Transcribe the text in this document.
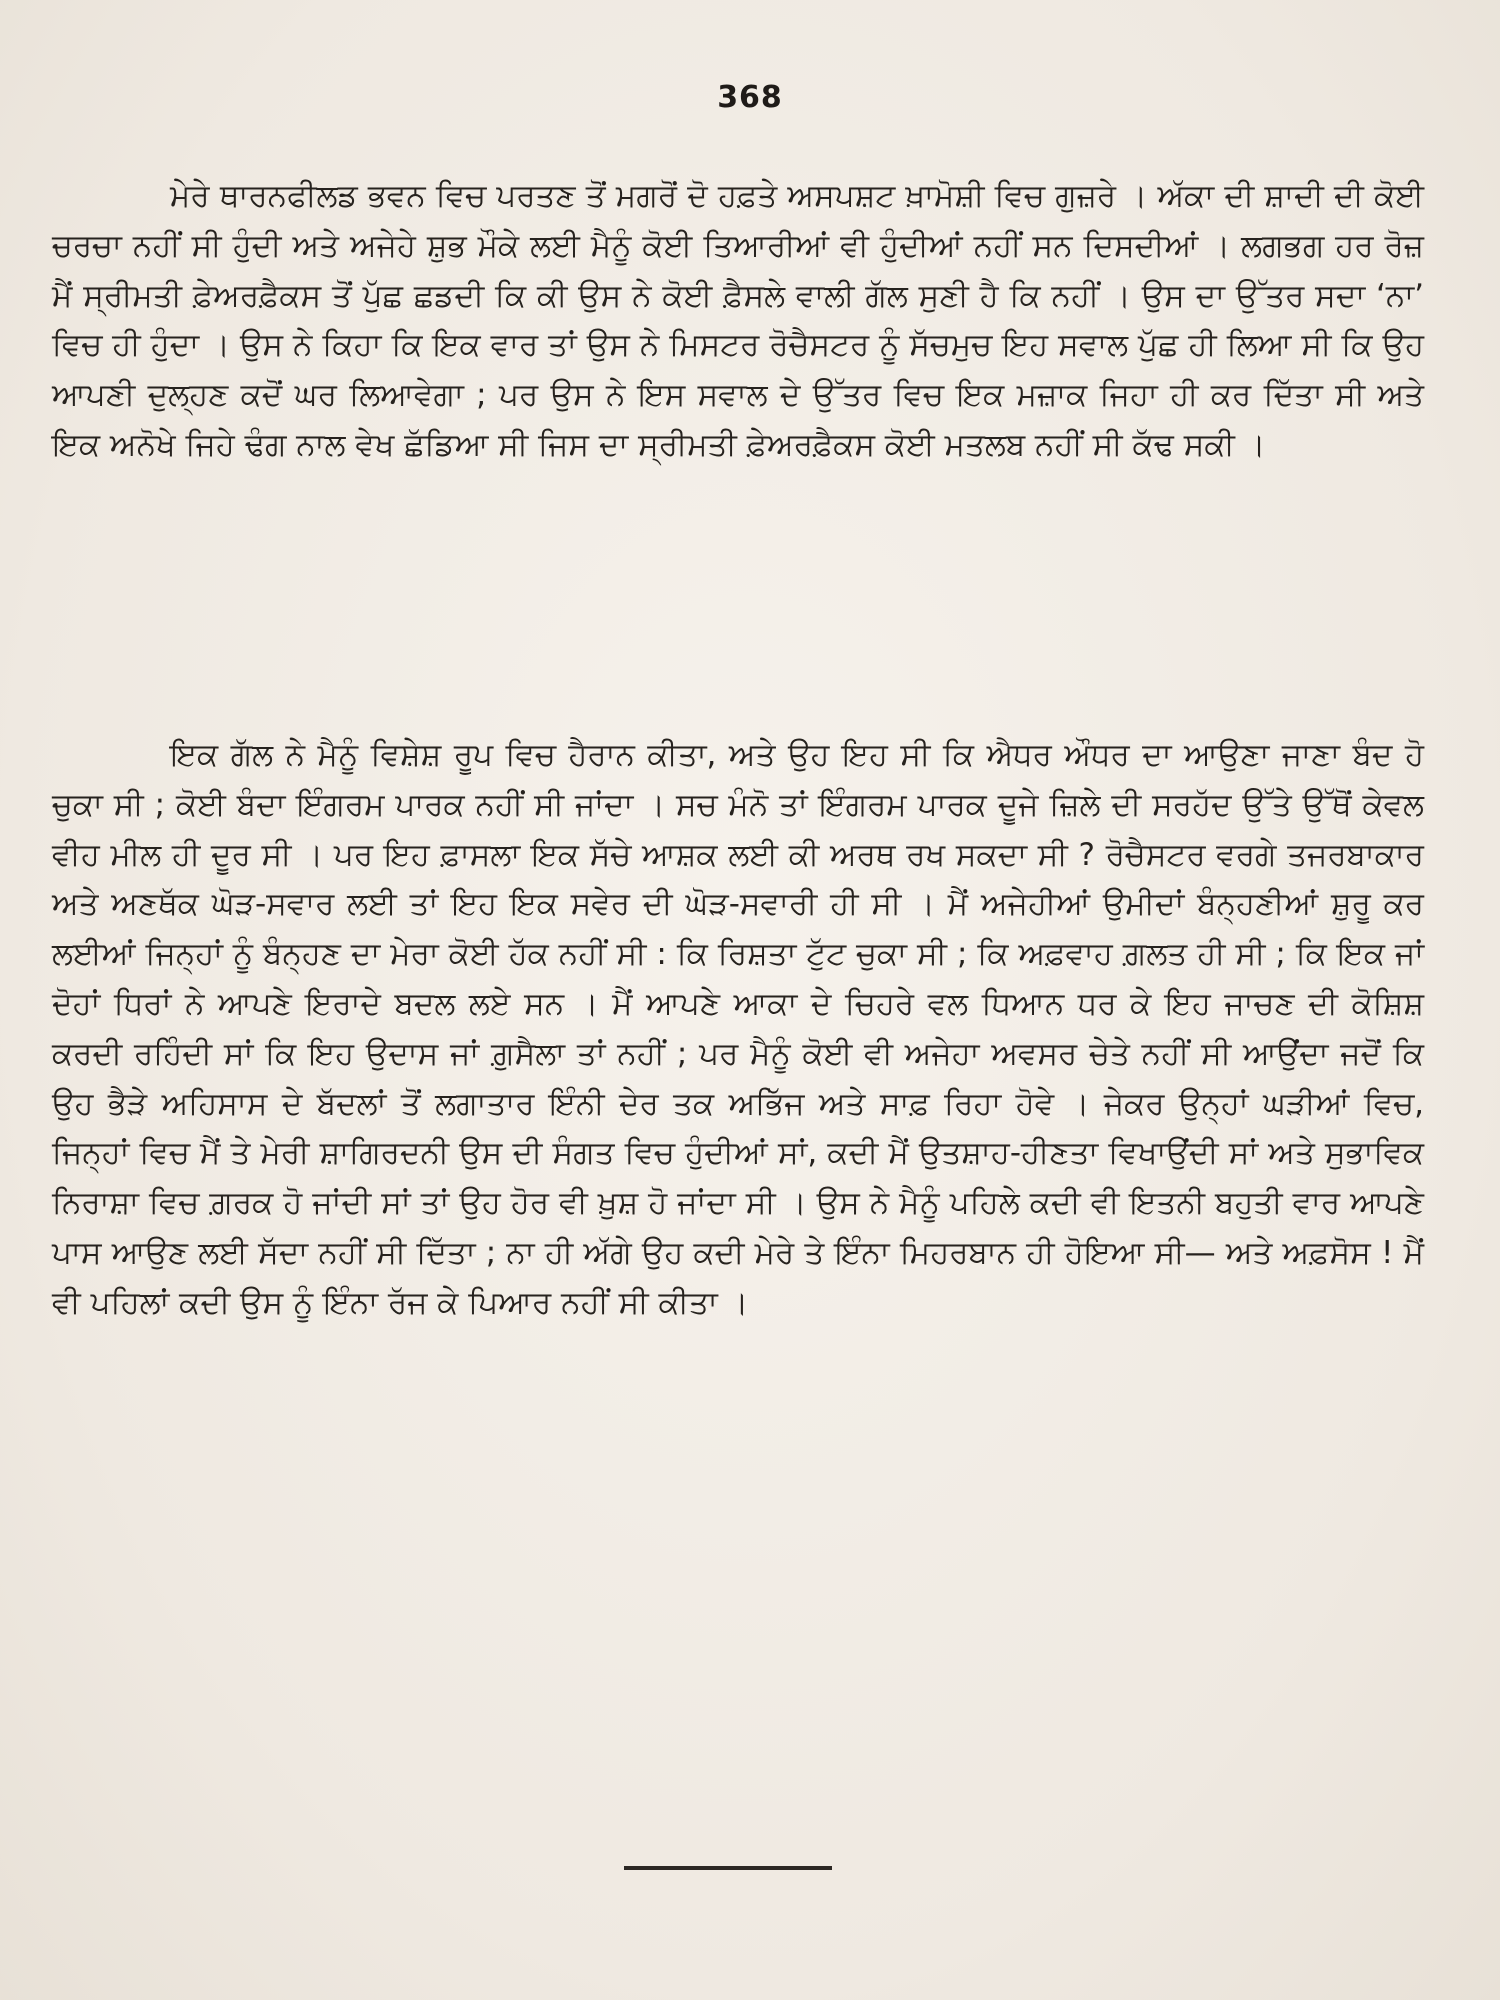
368

ਮੇਰੇ ਥਾਰਨਫੀਲਡ ਭਵਨ ਵਿਚ ਪਰਤਣ ਤੋਂ ਮਗਰੋਂ ਦੋ ਹਫ਼ਤੇ ਅਸਪਸ਼ਟ ਖ਼ਾਮੋਸ਼ੀ ਵਿਚ ਗੁਜ਼ਰੇ । ਅੱਕਾ ਦੀ ਸ਼ਾਦੀ ਦੀ ਕੋਈ ਚਰਚਾ ਨਹੀਂ ਸੀ ਹੁੰਦੀ ਅਤੇ ਅਜੇਹੇ ਸ਼ੁਭ ਮੌਕੇ ਲਈ ਮੈਨੂੰ ਕੋਈ ਤਿਆਰੀਆਂ ਵੀ ਹੁੰਦੀਆਂ ਨਹੀਂ ਸਨ ਦਿਸਦੀਆਂ । ਲਗਭਗ ਹਰ ਰੋਜ਼ ਮੈਂ ਸ੍ਰੀਮਤੀ ਫ਼ੇਅਰਫ਼ੈਕਸ ਤੋਂ ਪੁੱਛ ਛਡਦੀ ਕਿ ਕੀ ਉਸ ਨੇ ਕੋਈ ਫ਼ੈਸਲੇ ਵਾਲੀ ਗੱਲ ਸੁਣੀ ਹੈ ਕਿ ਨਹੀਂ । ਉਸ ਦਾ ਉੱਤਰ ਸਦਾ ‘ਨਾ’ ਵਿਚ ਹੀ ਹੁੰਦਾ । ਉਸ ਨੇ ਕਿਹਾ ਕਿ ਇਕ ਵਾਰ ਤਾਂ ਉਸ ਨੇ ਮਿਸਟਰ ਰੋਚੈਸਟਰ ਨੂੰ ਸੱਚਮੁਚ ਇਹ ਸਵਾਲ ਪੁੱਛ ਹੀ ਲਿਆ ਸੀ ਕਿ ਉਹ ਆਪਣੀ ਦੁਲ੍ਹਣ ਕਦੋਂ ਘਰ ਲਿਆਵੇਗਾ ; ਪਰ ਉਸ ਨੇ ਇਸ ਸਵਾਲ ਦੇ ਉੱਤਰ ਵਿਚ ਇਕ ਮਜ਼ਾਕ ਜਿਹਾ ਹੀ ਕਰ ਦਿੱਤਾ ਸੀ ਅਤੇ ਇਕ ਅਨੋਖੇ ਜਿਹੇ ਢੰਗ ਨਾਲ ਵੇਖ ਛੱਡਿਆ ਸੀ ਜਿਸ ਦਾ ਸ੍ਰੀਮਤੀ ਫ਼ੇਅਰਫ਼ੈਕਸ ਕੋਈ ਮਤਲਬ ਨਹੀਂ ਸੀ ਕੱਢ ਸਕੀ ।

ਇਕ ਗੱਲ ਨੇ ਮੈਨੂੰ ਵਿਸ਼ੇਸ਼ ਰੂਪ ਵਿਚ ਹੈਰਾਨ ਕੀਤਾ, ਅਤੇ ਉਹ ਇਹ ਸੀ ਕਿ ਐਧਰ ਔਧਰ ਦਾ ਆਉਣਾ ਜਾਣਾ ਬੰਦ ਹੋ ਚੁਕਾ ਸੀ ; ਕੋਈ ਬੰਦਾ ਇੰਗਰਮ ਪਾਰਕ ਨਹੀਂ ਸੀ ਜਾਂਦਾ । ਸਚ ਮੰਨੋ ਤਾਂ ਇੰਗਰਮ ਪਾਰਕ ਦੂਜੇ ਜ਼ਿਲੇ ਦੀ ਸਰਹੱਦ ਉੱਤੇ ਉੱਥੋਂ ਕੇਵਲ ਵੀਹ ਮੀਲ ਹੀ ਦੂਰ ਸੀ । ਪਰ ਇਹ ਫ਼ਾਸਲਾ ਇਕ ਸੱਚੇ ਆਸ਼ਕ ਲਈ ਕੀ ਅਰਥ ਰਖ ਸਕਦਾ ਸੀ ? ਰੋਚੈਸਟਰ ਵਰਗੇ ਤਜਰਬਾਕਾਰ ਅਤੇ ਅਣਥੱਕ ਘੋੜ-ਸਵਾਰ ਲਈ ਤਾਂ ਇਹ ਇਕ ਸਵੇਰ ਦੀ ਘੋੜ-ਸਵਾਰੀ ਹੀ ਸੀ । ਮੈਂ ਅਜੇਹੀਆਂ ਉਮੀਦਾਂ ਬੰਨ੍ਹਣੀਆਂ ਸ਼ੁਰੂ ਕਰ ਲਈਆਂ ਜਿਨ੍ਹਾਂ ਨੂੰ ਬੰਨ੍ਹਣ ਦਾ ਮੇਰਾ ਕੋਈ ਹੱਕ ਨਹੀਂ ਸੀ : ਕਿ ਰਿਸ਼ਤਾ ਟੁੱਟ ਚੁਕਾ ਸੀ ; ਕਿ ਅਫ਼ਵਾਹ ਗ਼ਲਤ ਹੀ ਸੀ ; ਕਿ ਇਕ ਜਾਂ ਦੋਹਾਂ ਧਿਰਾਂ ਨੇ ਆਪਣੇ ਇਰਾਦੇ ਬਦਲ ਲਏ ਸਨ । ਮੈਂ ਆਪਣੇ ਆਕਾ ਦੇ ਚਿਹਰੇ ਵਲ ਧਿਆਨ ਧਰ ਕੇ ਇਹ ਜਾਚਣ ਦੀ ਕੋਸ਼ਿਸ਼ ਕਰਦੀ ਰਹਿੰਦੀ ਸਾਂ ਕਿ ਇਹ ਉਦਾਸ ਜਾਂ ਗ਼ੁਸੈਲਾ ਤਾਂ ਨਹੀਂ ; ਪਰ ਮੈਨੂੰ ਕੋਈ ਵੀ ਅਜੇਹਾ ਅਵਸਰ ਚੇਤੇ ਨਹੀਂ ਸੀ ਆਉਂਦਾ ਜਦੋਂ ਕਿ ਉਹ ਭੈੜੇ ਅਹਿਸਾਸ ਦੇ ਬੱਦਲਾਂ ਤੋਂ ਲਗਾਤਾਰ ਇੰਨੀ ਦੇਰ ਤਕ ਅਭਿੱਜ ਅਤੇ ਸਾਫ਼ ਰਿਹਾ ਹੋਵੇ । ਜੇਕਰ ਉਨ੍ਹਾਂ ਘੜੀਆਂ ਵਿਚ, ਜਿਨ੍ਹਾਂ ਵਿਚ ਮੈਂ ਤੇ ਮੇਰੀ ਸ਼ਾਗਿਰਦਨੀ ਉਸ ਦੀ ਸੰਗਤ ਵਿਚ ਹੁੰਦੀਆਂ ਸਾਂ, ਕਦੀ ਮੈਂ ਉਤਸ਼ਾਹ-ਹੀਣਤਾ ਵਿਖਾਉਂਦੀ ਸਾਂ ਅਤੇ ਸੁਭਾਵਿਕ ਨਿਰਾਸ਼ਾ ਵਿਚ ਗ਼ਰਕ ਹੋ ਜਾਂਦੀ ਸਾਂ ਤਾਂ ਉਹ ਹੋਰ ਵੀ ਖ਼ੁਸ਼ ਹੋ ਜਾਂਦਾ ਸੀ । ਉਸ ਨੇ ਮੈਨੂੰ ਪਹਿਲੇ ਕਦੀ ਵੀ ਇਤਨੀ ਬਹੁਤੀ ਵਾਰ ਆਪਣੇ ਪਾਸ ਆਉਣ ਲਈ ਸੱਦਾ ਨਹੀਂ ਸੀ ਦਿੱਤਾ ; ਨਾ ਹੀ ਅੱਗੇ ਉਹ ਕਦੀ ਮੇਰੇ ਤੇ ਇੰਨਾ ਮਿਹਰਬਾਨ ਹੀ ਹੋਇਆ ਸੀ— ਅਤੇ ਅਫ਼ਸੋਸ ! ਮੈਂ ਵੀ ਪਹਿਲਾਂ ਕਦੀ ਉਸ ਨੂੰ ਇੰਨਾ ਰੱਜ ਕੇ ਪਿਆਰ ਨਹੀਂ ਸੀ ਕੀਤਾ ।
